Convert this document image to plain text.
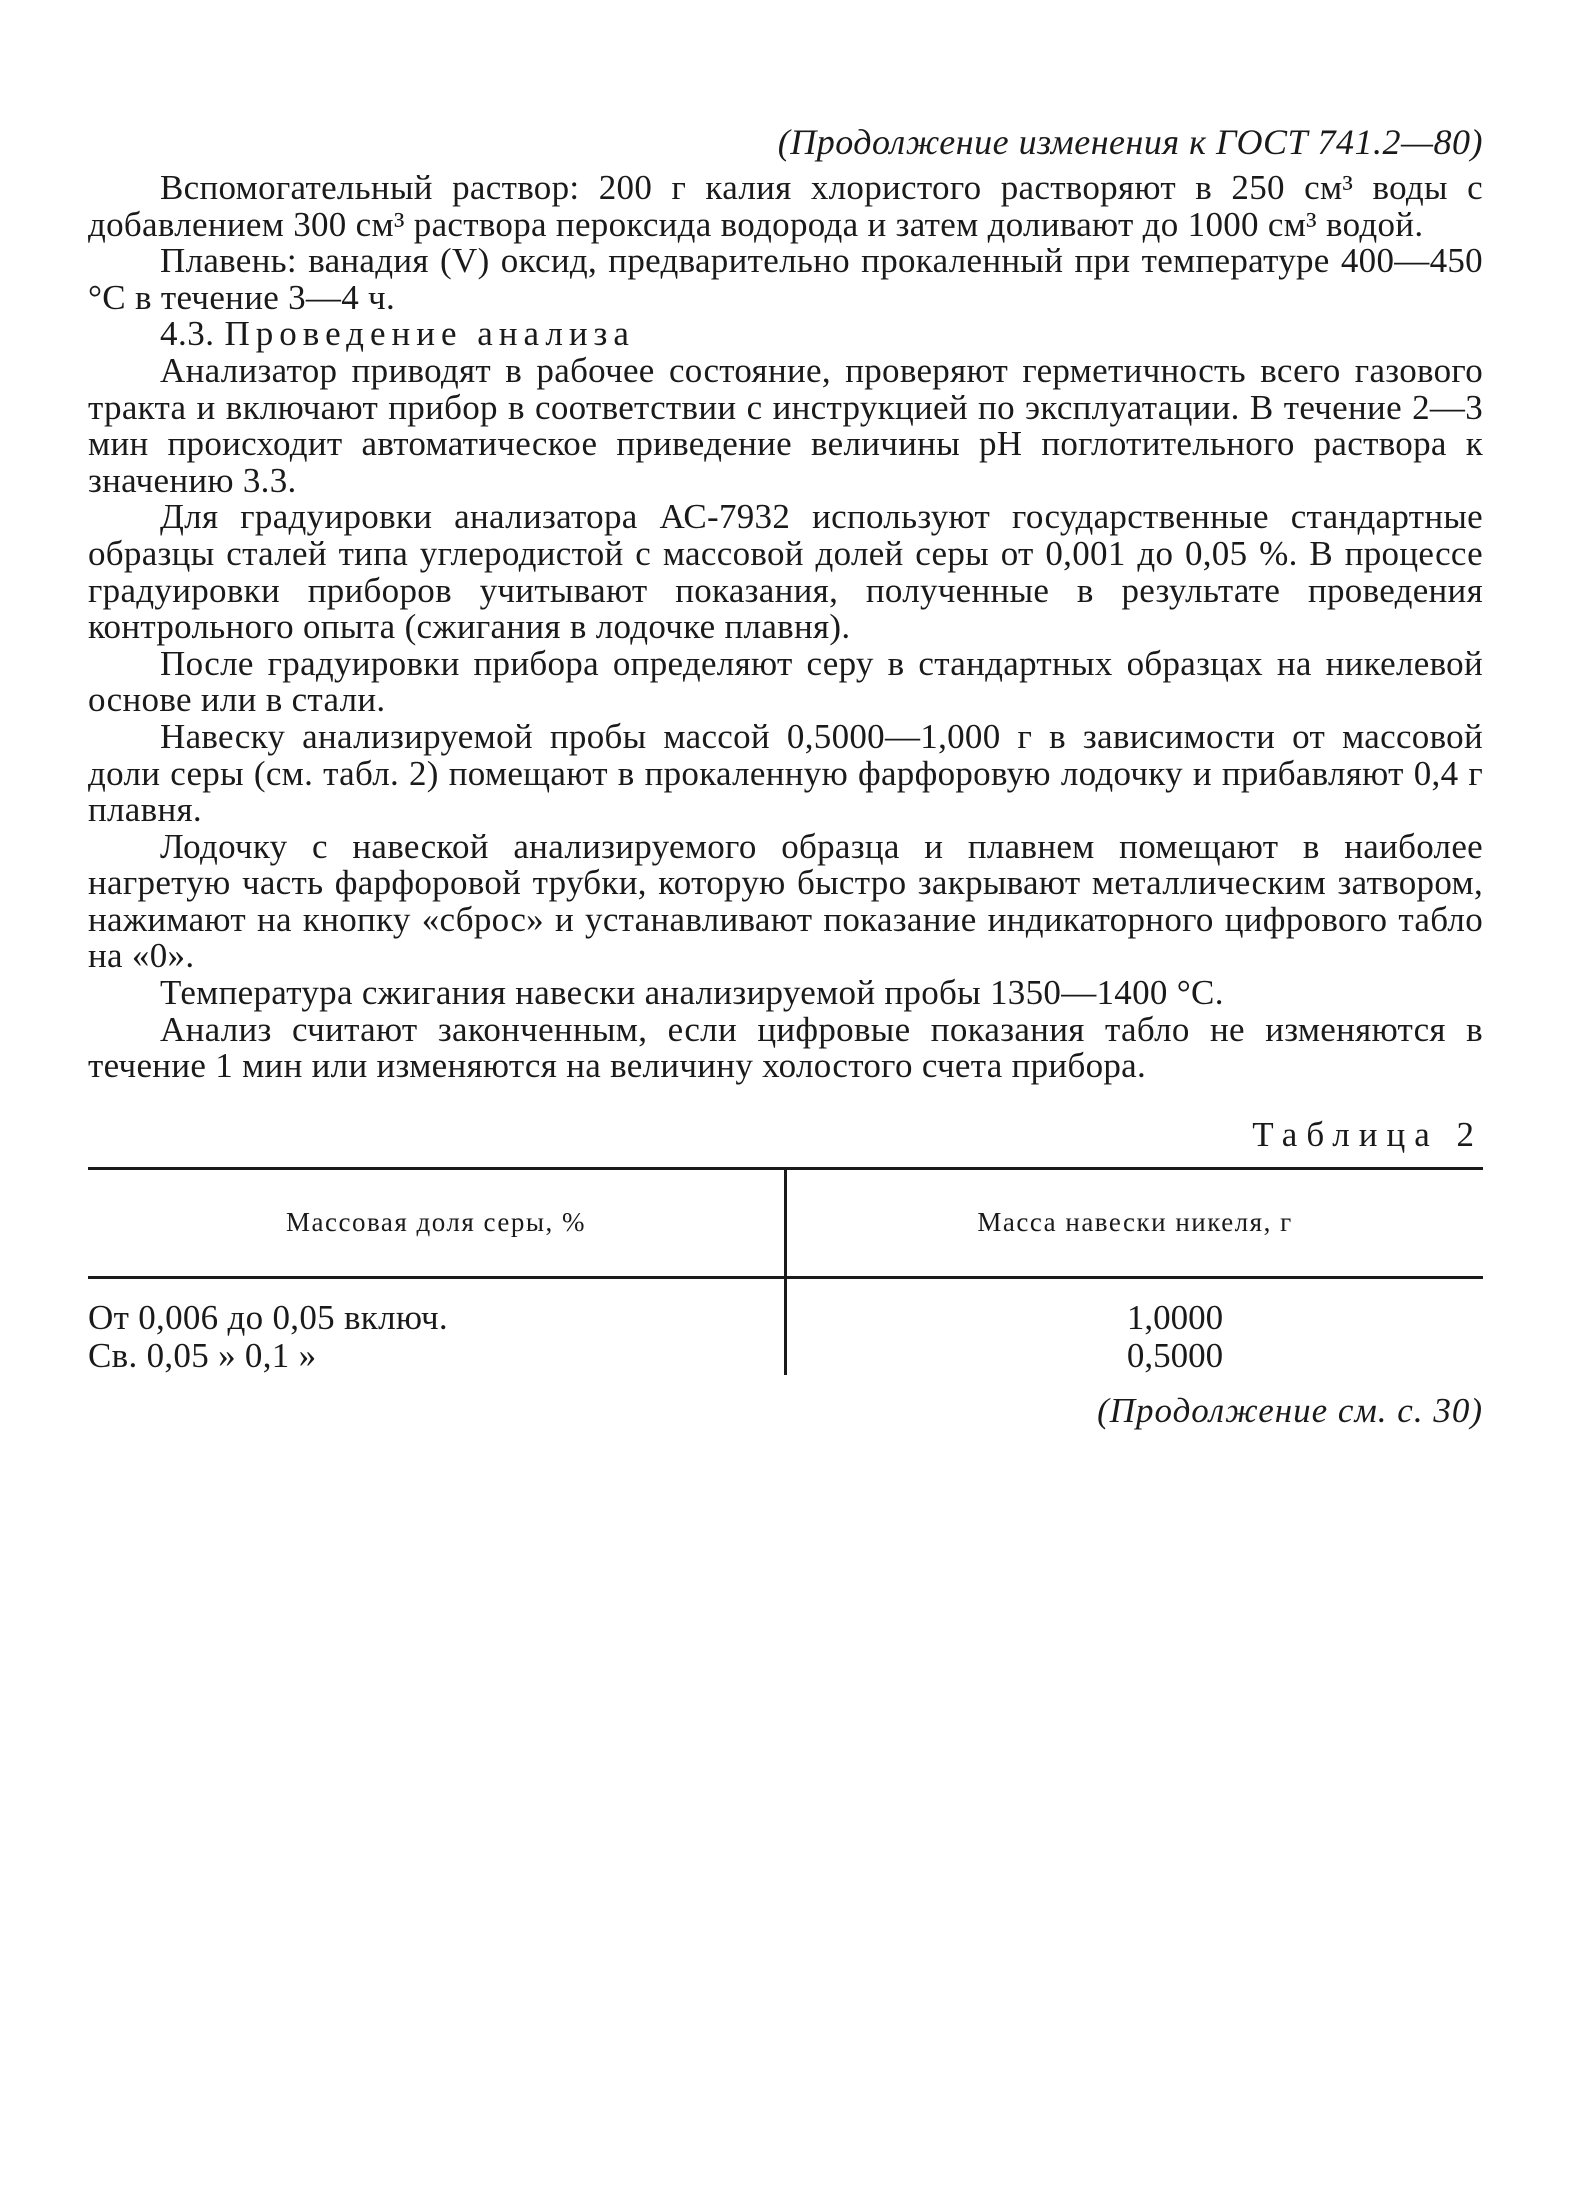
(Продолжение изменения к ГОСТ 741.2—80)

Вспомогательный раствор: 200 г калия хлористого растворяют в 250 см³ воды с добавлением 300 см³ раствора пероксида водорода и затем доливают до 1000 см³ водой.

Плавень: ванадия (V) оксид, предварительно прокаленный при температуре 400—450 °С в течение 3—4 ч.

4.3. Проведение анализа

Анализатор приводят в рабочее состояние, проверяют герметичность всего газового тракта и включают прибор в соответствии с инструкцией по эксплуатации. В течение 2—3 мин происходит автоматическое приведение величины pH поглотительного раствора к значению 3.3.

Для градуировки анализатора АС-7932 используют государственные стандартные образцы сталей типа углеродистой с массовой долей серы от 0,001 до 0,05 %. В процессе градуировки приборов учитывают показания, полученные в результате проведения контрольного опыта (сжигания в лодочке плавня).

После градуировки прибора определяют серу в стандартных образцах на никелевой основе или в стали.

Навеску анализируемой пробы массой 0,5000—1,000 г в зависимости от массовой доли серы (см. табл. 2) помещают в прокаленную фарфоровую лодочку и прибавляют 0,4 г плавня.

Лодочку с навеской анализируемого образца и плавнем помещают в наиболее нагретую часть фарфоровой трубки, которую быстро закрывают металлическим затвором, нажимают на кнопку «сброс» и устанавливают показание индикаторного цифрового табло на «0».

Температура сжигания навески анализируемой пробы 1350—1400 °С.

Анализ считают законченным, если цифровые показания табло не изменяются в течение 1 мин или изменяются на величину холостого счета прибора.

Таблица 2
Массовая доля серы, %	Масса навески никеля, г
От 0,006 до 0,05 включ.	1,0000
Св. 0,05 » 0,1 »	0,5000
(Продолжение см. с. 30)
